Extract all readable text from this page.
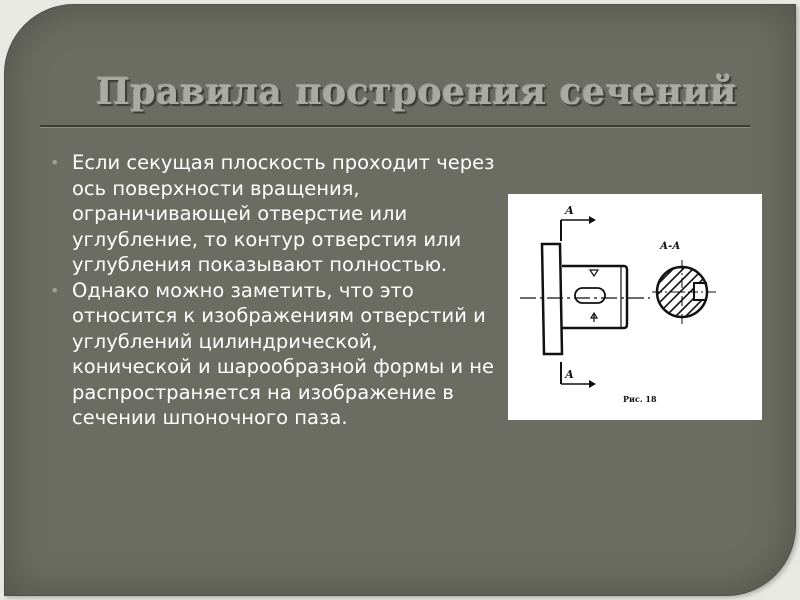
Правила построения сечений
• Если секущая плоскость проходит через ось поверхности вращения, ограничивающей отверстие или углубление, то контур отверстия или углубления показывают полностью.
• Однако можно заметить, что это относится к изображениям отверстий и углублений цилиндрической, конической и шарообразной формы и не распространяется на изображение в сечении шпоночного паза.
А
А
А-А
Рис. 18
